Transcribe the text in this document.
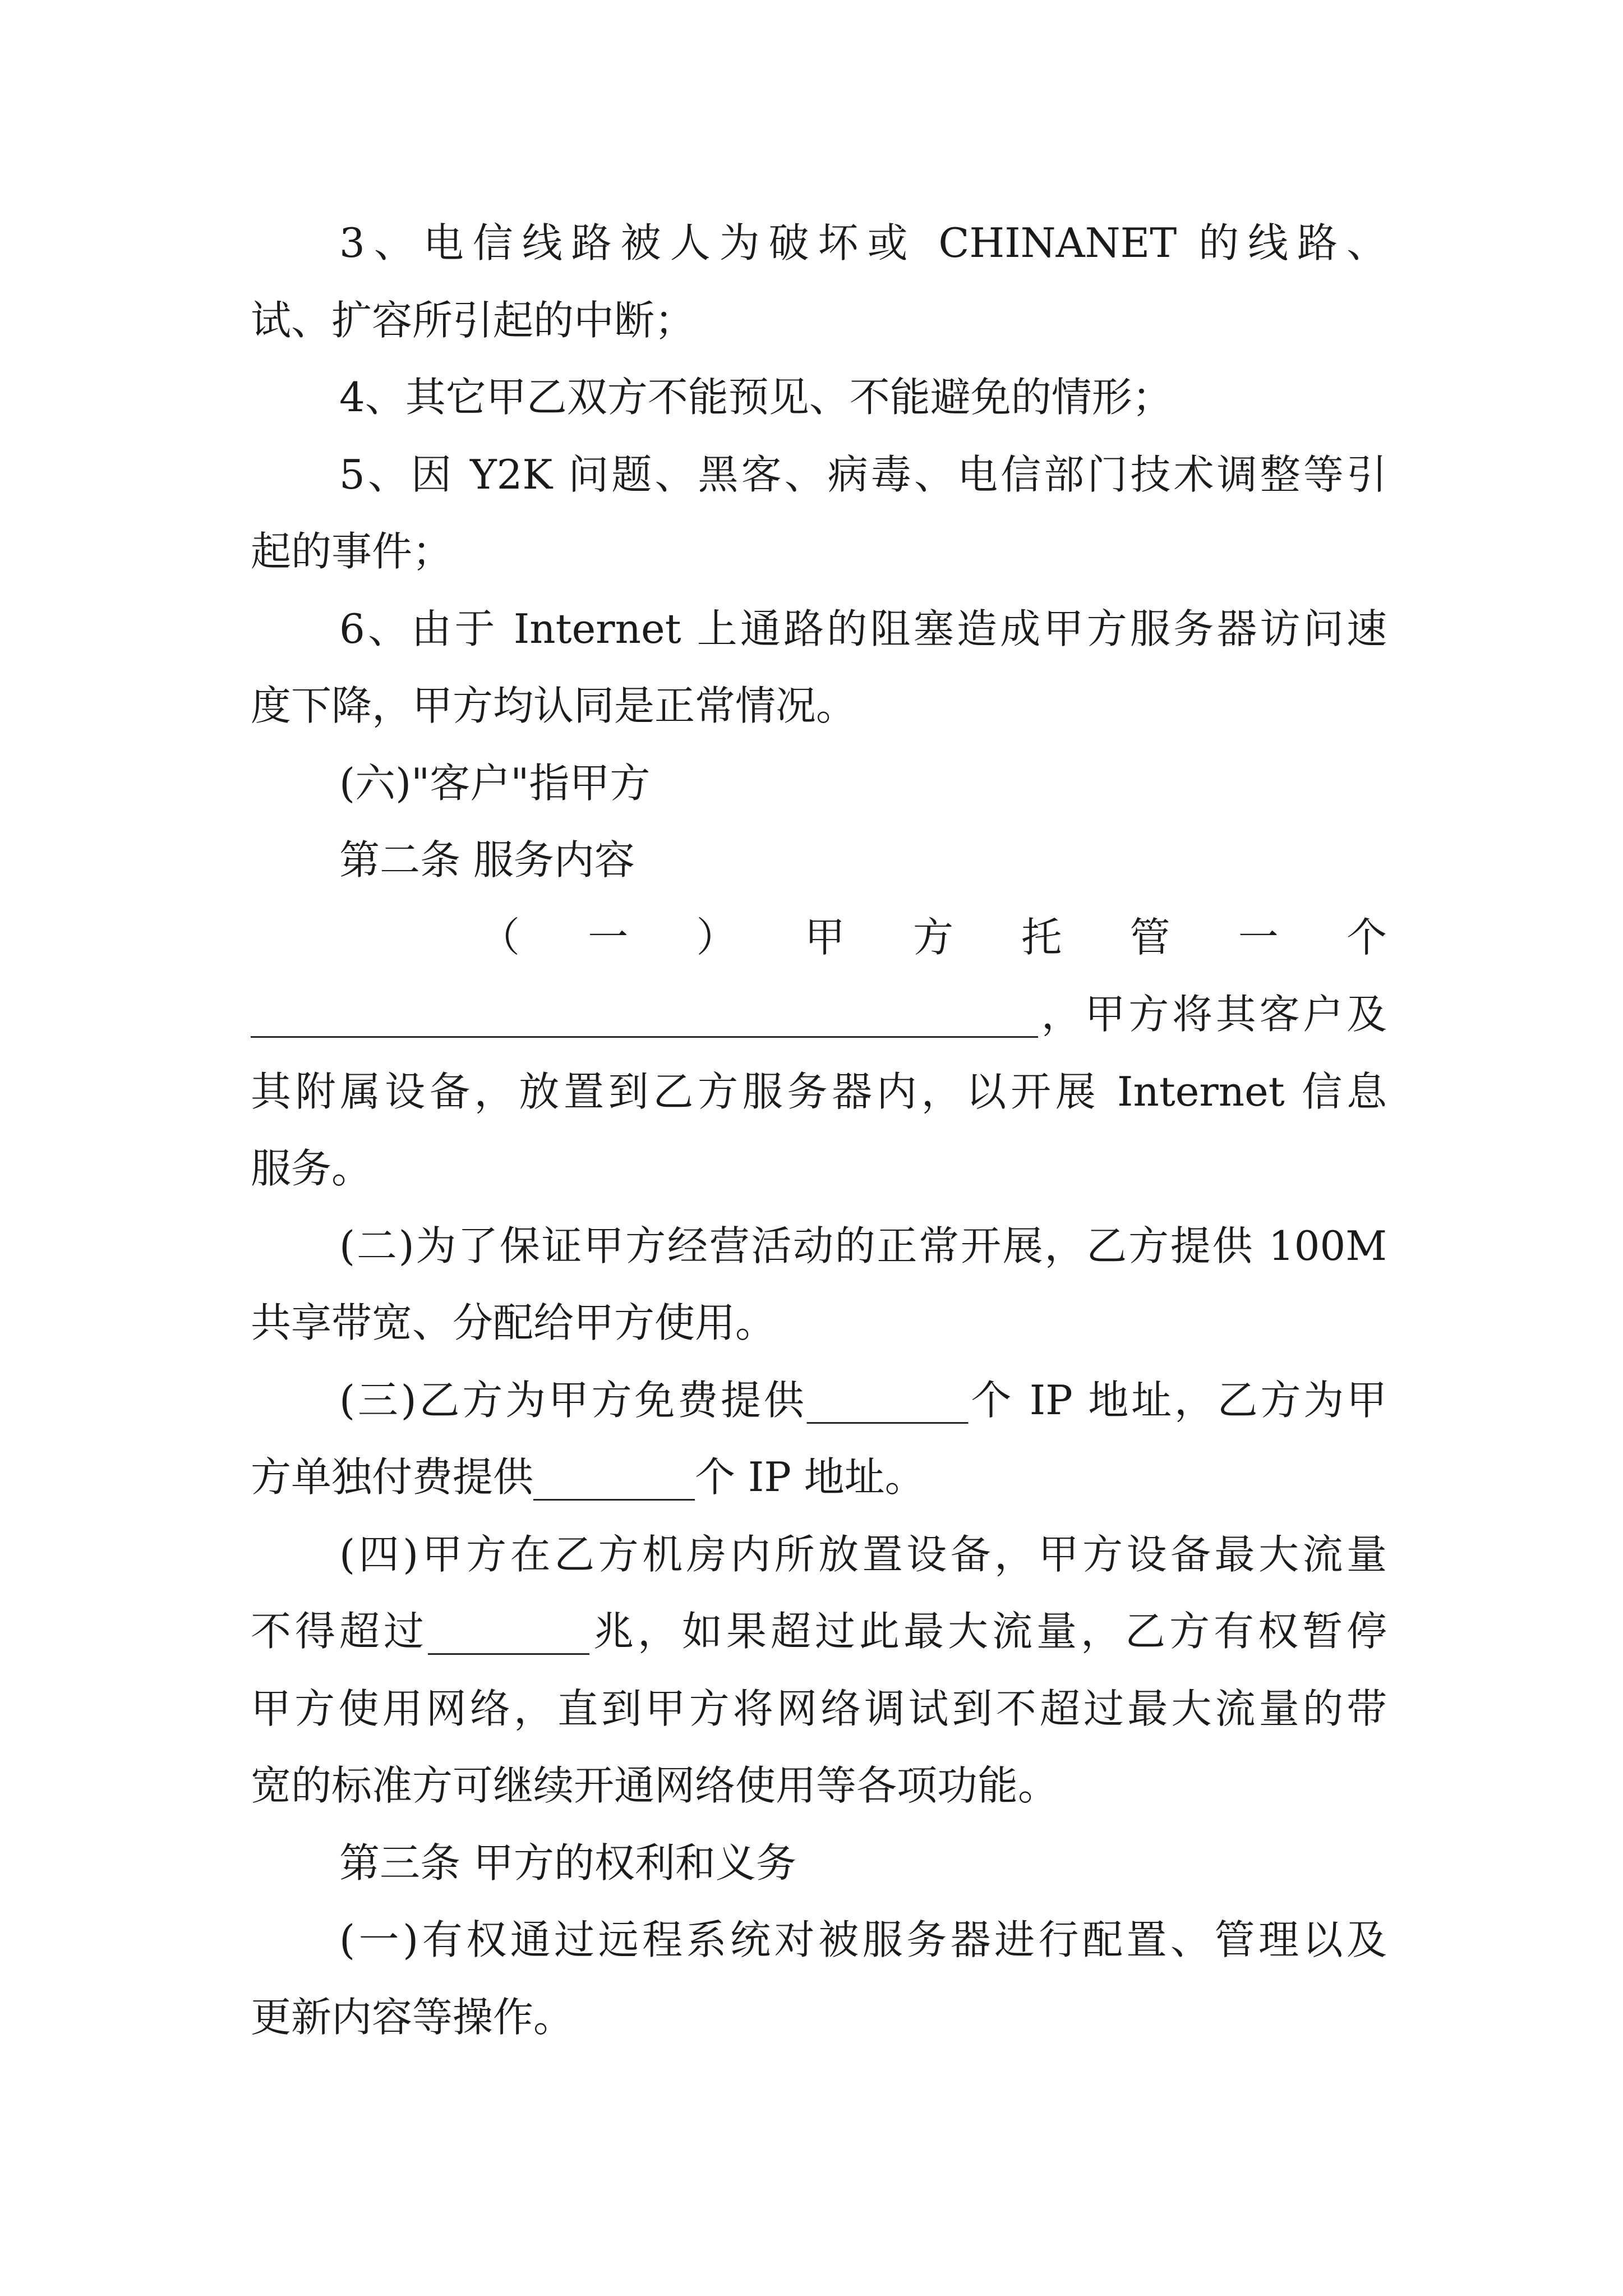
3、电信线路被人为破坏或 CHINANET 的线路、
试、扩容所引起的中断；
4、其它甲乙双方不能预见、不能避免的情形；
5、因 Y2K 问题、黑客、病毒、电信部门技术调整等引
起的事件；
6、由于 Internet 上通路的阻塞造成甲方服务器访问速
度下降，甲方均认同是正常情况。
(六)"客户"指甲方
第二条 服务内容
（一）甲方托管一个
_______________________________________，甲方将其客户及
其附属设备，放置到乙方服务器内，以开展 Internet 信息
服务。
(二)为了保证甲方经营活动的正常开展，乙方提供 100M
共享带宽、分配给甲方使用。
(三)乙方为甲方免费提供________个 IP 地址，乙方为甲
方单独付费提供________个 IP 地址。
(四)甲方在乙方机房内所放置设备，甲方设备最大流量
不得超过________兆，如果超过此最大流量，乙方有权暂停
甲方使用网络，直到甲方将网络调试到不超过最大流量的带
宽的标准方可继续开通网络使用等各项功能。
第三条 甲方的权利和义务
(一)有权通过远程系统对被服务器进行配置、管理以及
更新内容等操作。
